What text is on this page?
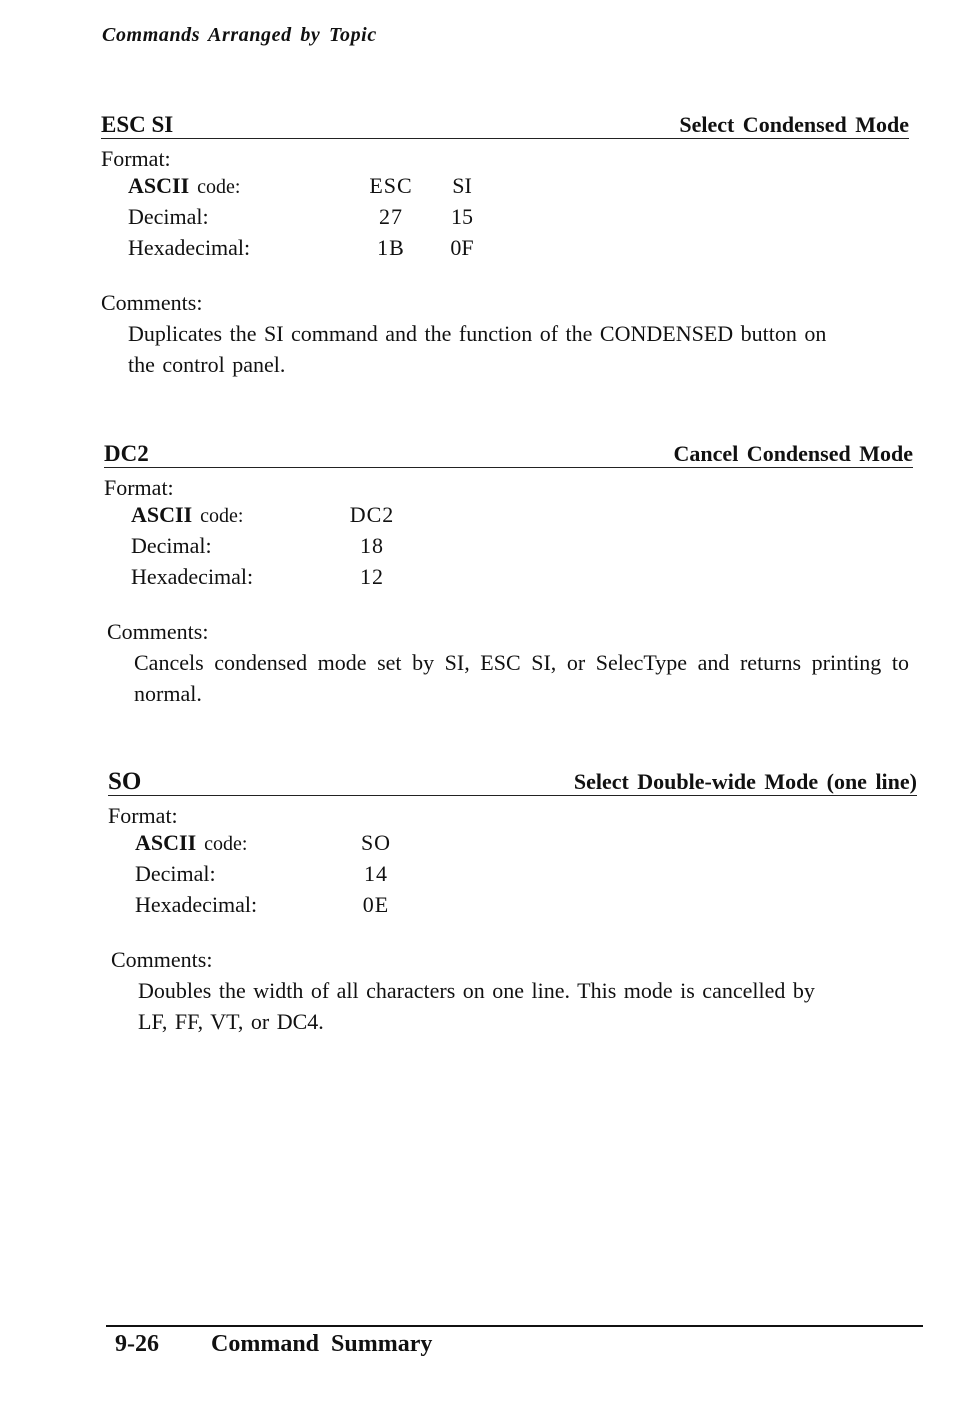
Commands Arranged by Topic
ESC SI	Select Condensed Mode
Format:
ASCII code:	ESC	SI
Decimal:	27	15
Hexadecimal:	1B	0F
Comments:
Duplicates the SI command and the function of the CONDENSED button on the control panel.
DC2	Cancel Condensed Mode
Format:
ASCII code:	DC2
Decimal:	18
Hexadecimal:	12
Comments:
Cancels condensed mode set by SI, ESC SI, or SelecType and returns printing to normal.
SO	Select Double-wide Mode (one line)
Format:
ASCII code:	SO
Decimal:	14
Hexadecimal:	0E
Comments:
Doubles the width of all characters on one line. This mode is cancelled by LF, FF, VT, or DC4.
9-26 Command Summary
